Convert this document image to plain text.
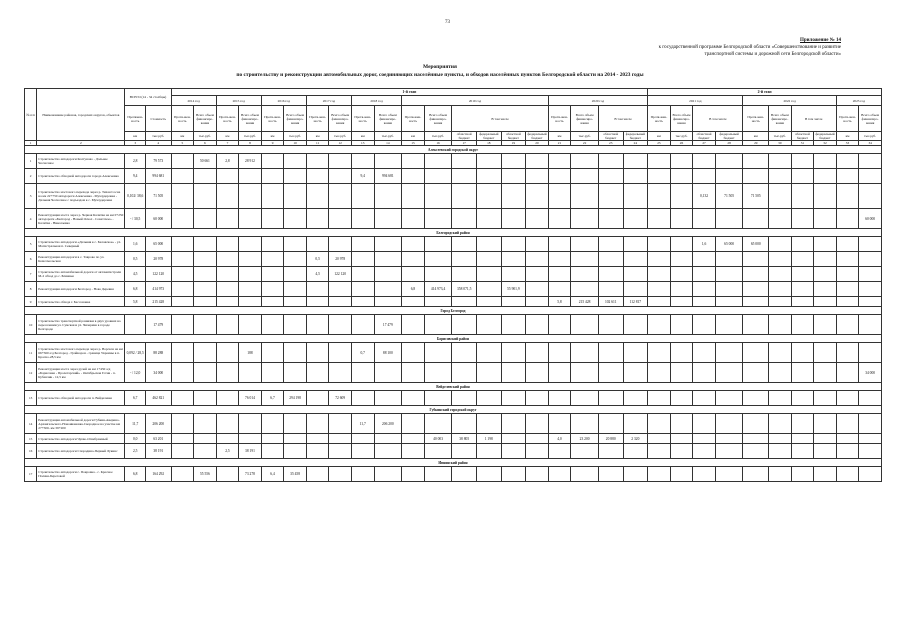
73
Приложение № 14
к государственной программе Белгородской области «Совершенствование и развитие
транспортной системы и дорожной сети Белгородской области»
Мероприятия
по строительству и реконструкции автомобильных дорог, соединяющих населённые пункты, и обходов населённых пунктов Белгородской области на 2014 - 2023 годы
№ п/п	Наименование районов, городских округов, объектов	ВСЕГО (14 - 34 столбцы)		1-й этап																				2-й этап									
				2014 год		2015 год		2016 год		2017 год		2018 год		2019 год						2020 год				2021 год				2022 год				2023 год	
		Протяжен-ность	Стоимость	Протя-жен-ность	Всего объем финансиро-вания	Протя-жен-ность	Всего объем финансиро-вания	Протя-жен-ность	Всего объем финансиро-вания	Протя-жен-ность	Всего объем финансиро-вания	Протя-жен-ность	Всего объем финансиро-вания	Протя-жен-ность	Всего объем финансиро-вания	В том числе				Протя-жен-ность	Всего объем финансиро-вания	В том числе		Протя-жен-ность	Всего объем финансиро-вания	В том числе		Протя-жен-ность	Всего объем финансиро-вания	В том числе		Протя-жен-ность	Всего объем финансиро-вания
		км	тыс.руб.	км	тыс.руб.	км	тыс.руб.	км	тыс.руб.	км	тыс.руб.	км	тыс.руб.	км	тыс.руб.	областной бюджет	федеральный бюджет	областной бюджет	федеральный бюджет	км	тыс.руб.	областной бюджет	федеральный бюджет	км	тыс.руб.	областной бюджет	федеральный бюджет	км	тыс.руб.	областной бюджет	федеральный бюджет	км	тыс.руб.
1	2	3	4	5	6	7	8	9	10	11	12	13	14	15	16	17	18	19	20	21	22	23	24	25	26	27	28	29	30	31	32	33	34
Алексеевский городской округ																																	
1	Строительство автодороги Колтуново - Дальнее Чесночное	2,8	79 573		50 661	2,8	28 912																										
2	Строительство обходной автодороги города Алексеевка	9,4	994 681									9,4	994 681																				
3	Строительство мостового перехода через р. Тихая Сосна на км 22+750 автодороги Алексеевка - Мухоудеровка - Дальняя Чесночное с подъездом к с. Мухоудеровка	0,102/ 38,6	71 505																							0,132	71 505	71 505					
4	Реконструкция моста через р. Черная Калитва на км 0+250 автодороги «Белгород - Новый Оскол - Советское» - Калитва - Николаевка	- / 30,5	60 000																														60 000
Белгородский район																																	
5	Строительство автодороги «Дальняя к с. Беловское» - ул. Магистральная п. Северный	1,6	65 000																							1,6	65 000	65 000					
6	Реконструкция автодороги в с. Таврово по ул. Комсомольская	0,5	20 978							0,5	20 978																						
7	Строительство автомобильной дороги от автомагистрали М-2 обход до с. Ближнее	4,5	122 120							4,5	122 120																						
8	Реконструкция автодороги Белгород - Нова Деревня	6,8	414 973											6,8	414 973,4	358 071,5		55 901,9															
9	Строительство обхода г. Бессоновка	5,8	215 428																	5,8	215 428	102 611	112 817										
Город Белгород																																	
10	Строительство транспортной развязки в двух уровнях на пересечении ул. Сумская и ул. Чичерина в городе Белгороде		17 479										17 479																				
Борисовский район																																	
11	Строительство мостового перехода через р. Ворскла на км 66+560 а/д Белгород - Грайворон - граница Украины в п. Красно-28,5 км	0,092 / 28,5	88 288				188					0,7	88 100																				
12	Реконструкция моста через ручей на км 1+450 а/д «Борисовка - Пролетарский» - Октябрьская Готня - п. Кубанчик - 12,5 км	- / 12,0	34 000																														34 000
Вейделевский район																																	
13	Строительство обходной автодороги п. Вейделевка	6,7	462 821				76 014	6,7	294 198		72 609																						
Губкинский городской округ																																	
14	Реконструкция автомобильной дороги Губкин-Аверино-Архангельского-Новоивановка-Скородное на участке км 27+500- км 39+200	11,7	206 200									11,7	206 200																				
15	Строительство автодороги Чуево-Огнебражный	0,0	63 201												40 003	38 805	1 198			4,0	23 200	20 880	2 320										
16	Строительство автодороги Спорадино-Первый Лукинс	2,5	38 191			2,5	38 191																										
Ивнянский район																																	
17	Строительство автодороги с. Покровка - с. Красное Поляна-Береговой	6,8	164 292		55 556		73 278	6,4	35 458																								
